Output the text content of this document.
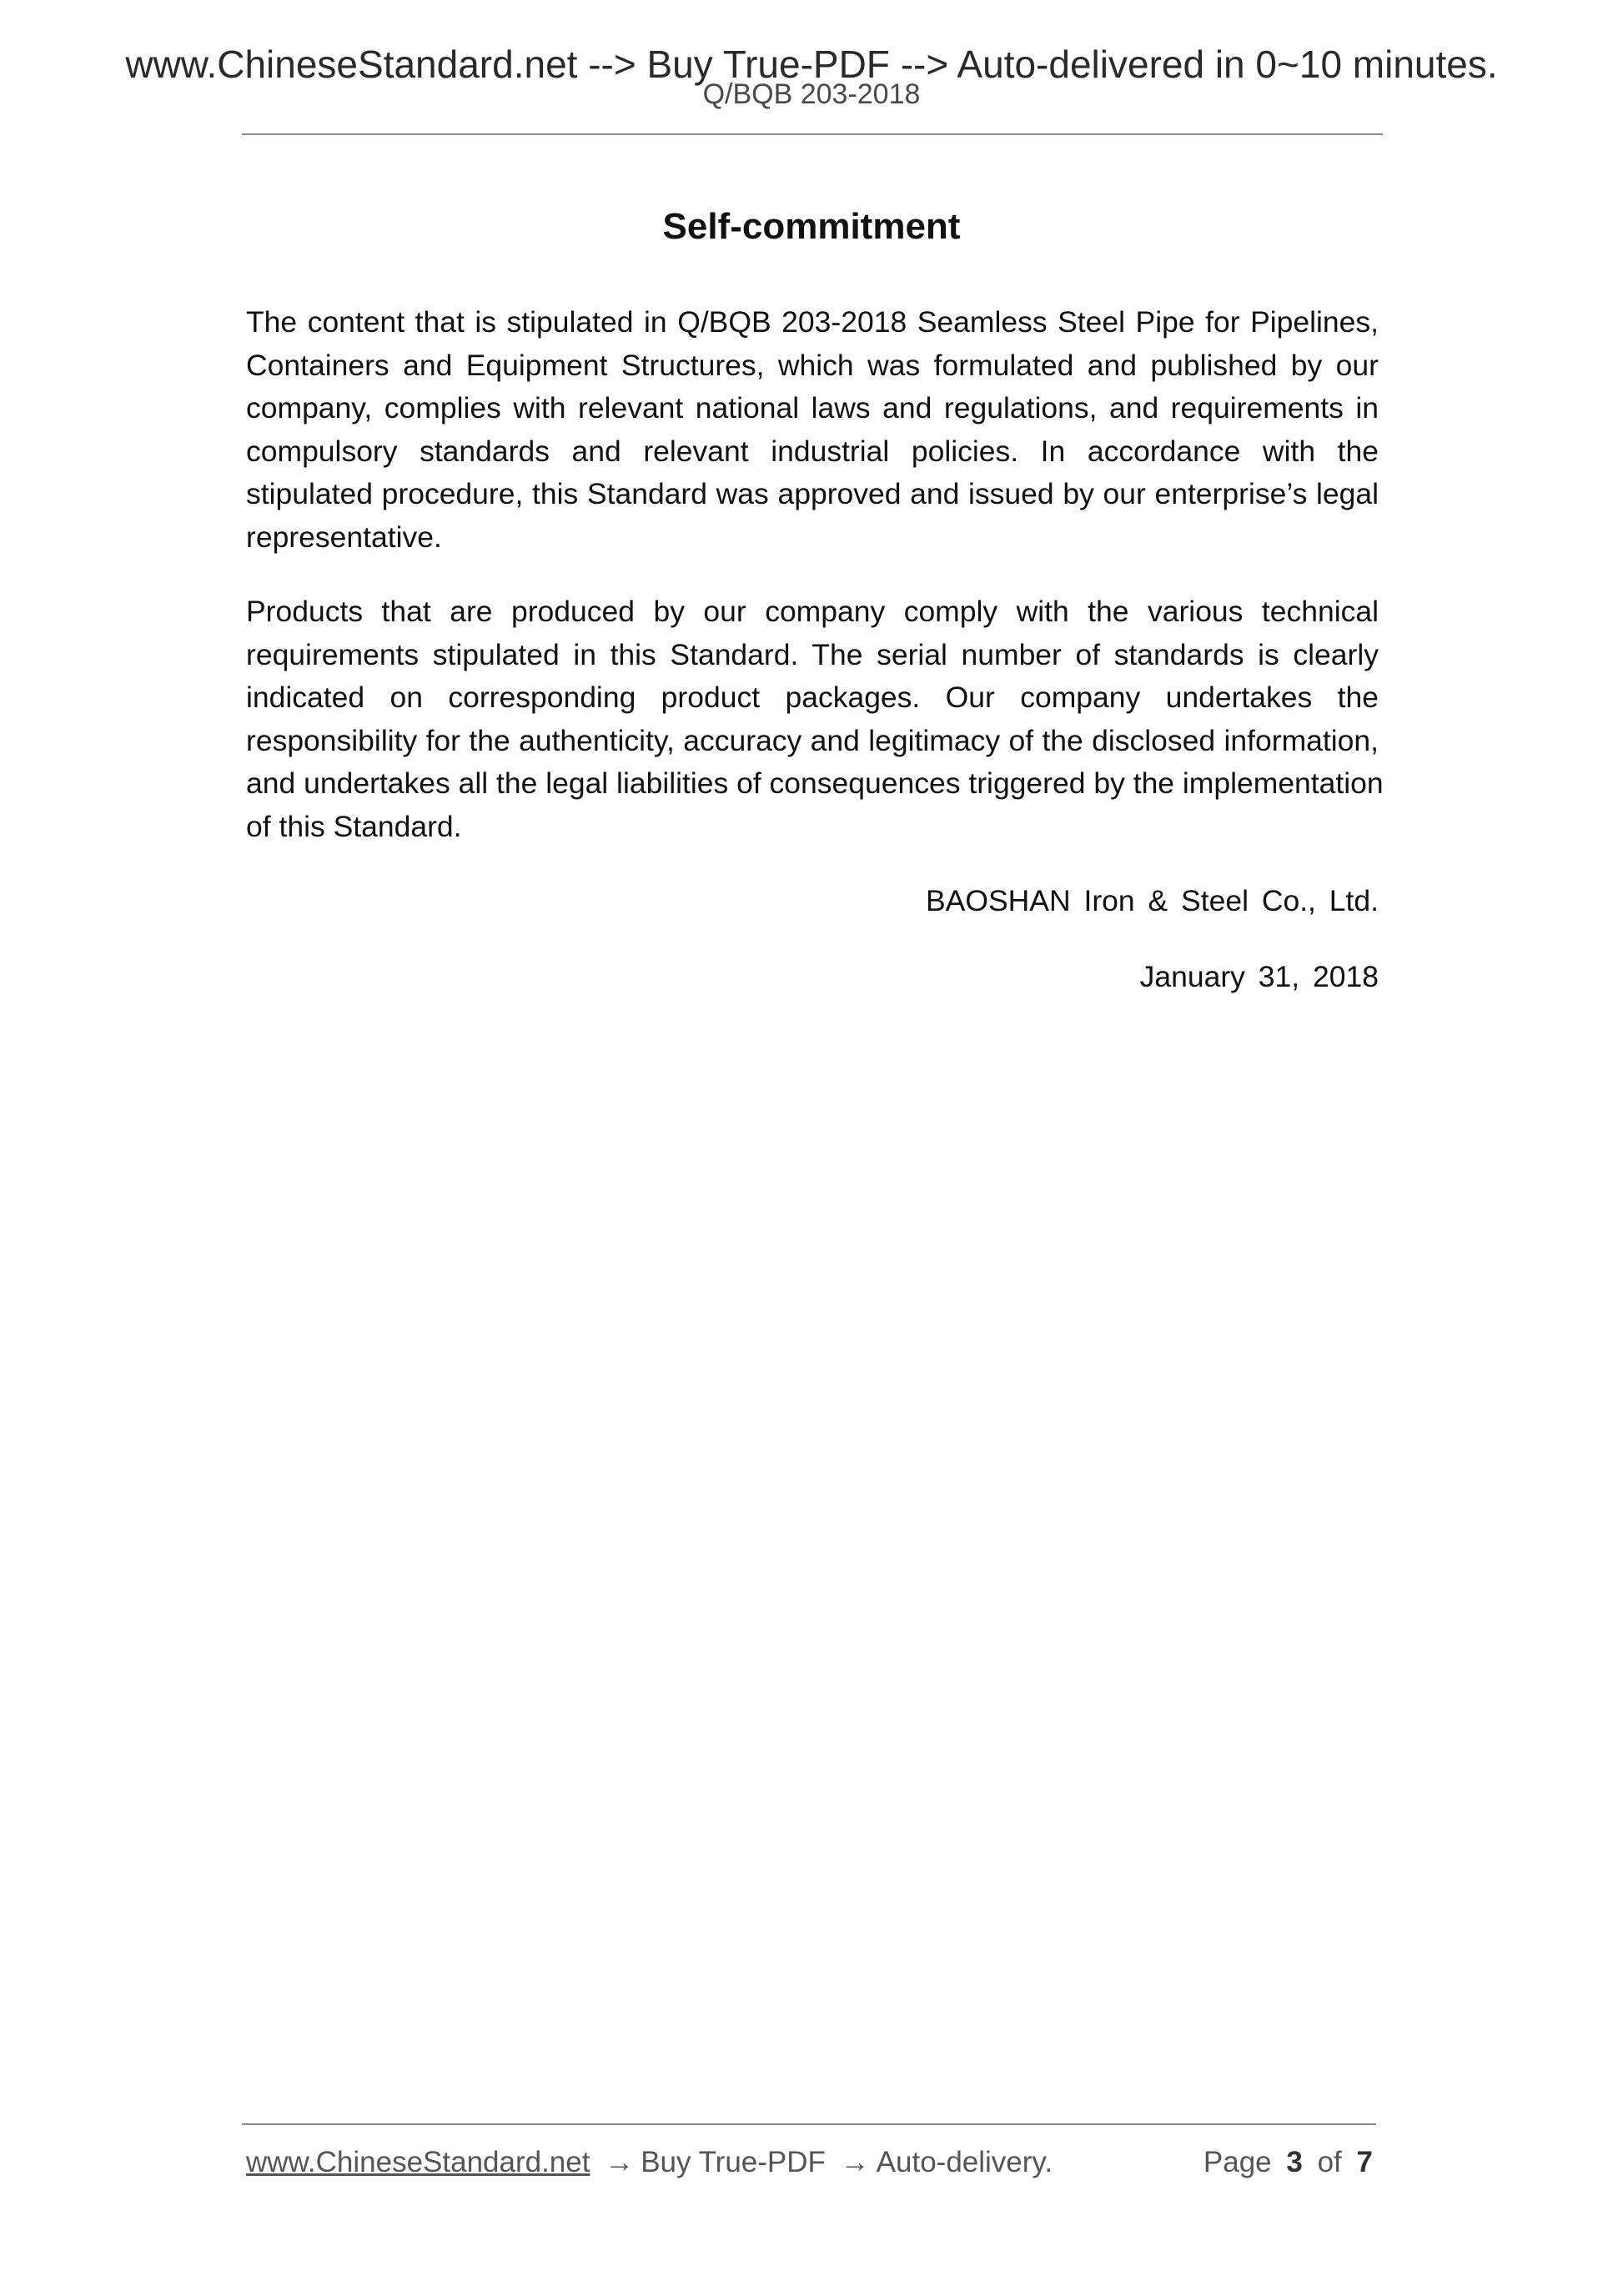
www.ChineseStandard.net --> Buy True-PDF --> Auto-delivered in 0~10 minutes.
Q/BQB 203-2018
Self-commitment
The content that is stipulated in Q/BQB 203-2018 Seamless Steel Pipe for Pipelines,
Containers and Equipment Structures, which was formulated and published by our
company, complies with relevant national laws and regulations, and requirements in
compulsory standards and relevant industrial policies. In accordance with the
stipulated procedure, this Standard was approved and issued by our enterprise’s legal
representative.
Products that are produced by our company comply with the various technical
requirements stipulated in this Standard. The serial number of standards is clearly
indicated on corresponding product packages. Our company undertakes the
responsibility for the authenticity, accuracy and legitimacy of the disclosed information,
and undertakes all the legal liabilities of consequences triggered by the implementation
of this Standard.
BAOSHAN Iron & Steel Co., Ltd.
January 31, 2018
www.ChineseStandard.net → Buy True-PDF → Auto-delivery.	Page 3 of 7
